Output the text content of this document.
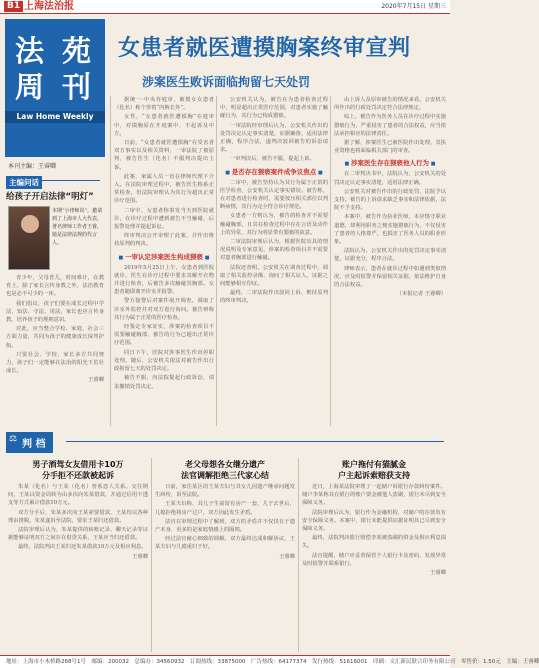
B1 上海法治报	2020年7月15日 星期三
法 苑
周 刊
Law Home Weekly
本刊主编：王睿卿
女患者就医遭摸胸案终审宣判
涉案医生败诉面临拘留七天处罚
主编问话
给孩子开启法律“明灯”
本期“小律师说”，邀请到了上海市人大代表，著名律师工作者王睿，她是法律法规的代言人。

青少年，父母育儿，时间难计，在教育上，除了家长言传身教之外，法治教育也是必不可少的一环。

我们倡议，孩子们要在成长过程中学法、知法、守法、用法，家长也应言传身教，培养孩子的规则意识。

对此，应当整合学校、家庭、社会三方面力量，共同为孩子的健康成长保驾护航。

只要社会、学校、家长多方共同努力，孩子们一定能够在法治的阳光下茁壮成长。

王睿卿

据统一·中央谷庭审，被摸女女患者（化名）称个穿着“内裤长外”。

女性，“女患者就医遭摸胸”在庭审中，对摸胸原在开庭案中，不起诉及中方。

日前，“女患者就医遭摸胸”在受害者双方事实以及相关资料，一审法院了被原判，被告医生（化名）不服判决提出上诉。

此案，家属人员一直在律师代理下介入。在法院审理过程中，被告医生称系正常检查，但法院审理认为其行为超出正常诊疗范围。

二审中，女患者称事发当天到医院就诊，在诊疗过程中遭到被告不当触碰，后报警处理并提起诉讼。

终审判决公开审理了此案，并作出维持原判的判决。

■ 一审认定涉案医生构成猥亵 ■

2019年5月25日上午，女患者到医院就诊，医生在诊疗过程中要求其解开衣物并进行检查，后被告多次触碰其胸部。女患者随即离开诊室并报警。

警方接警后对案件展开调查，调取了诊室外监控并对双方进行询问。被告辩称其行为属于正常的医疗检查。

经鉴定专家证实，涉案的检查项目不需要触碰胸部，被告的行为已超出正常诊疗范围。

同日下午，医院对涉事医生作出停职处理。随后，公安机关依法对被告作出行政拘留七天的处罚决定。

被告不服，向法院提起行政诉讼，请求撤销处罚决定。

公安机关认为，被告在为患者检查过程中，明显超出正常医疗范围，对患者实施了触碰行为，其行为已构成猥亵。

一审法院经审理后认为，公安机关作出的处罚决定认定事实清楚，证据确凿，适用法律正确，程序合法，遂判决驳回被告的诉讼请求。

一审判决后，被告不服，提起上诉。

■ 是否存在猥亵案件成争议焦点 ■

二审中，被告坚持认为其行为属于正常的医学检查，公安机关认定事实错误。被告称，在对患者进行检查时，需要按压相关部位以判断病情，其行为完全符合诊疗规范。

女患者一方则认为，被告的检查并不需要触碰胸部，且其在检查过程中存在言语及动作上的异常，其行为明显带有猥亵的故意。

二审法院审理后认为，根据医院出具的情况说明及专家意见，涉案的检查项目并不需要对患者胸部进行触碰。

法院还查明，公安机关在调查过程中，调取了相关监控录像，询问了相关证人，证据之间能够相互印证。

最终，二审法院作出驳回上诉、维持原判的终审判决。

由上诉人及原审被告的情况来看，公安机关所作出的行政处罚决定符合法律规定。

综上，被告作为医务人员在诊疗过程中实施猥亵行为，严重侵害了患者的合法权益，应当依法承担相应的法律责任。

据了解，涉案医生已被医院作出处理，其执业资格也将面临相关部门的审查。

■ 涉案医生存在猥亵他人行为 ■

在二审判决书中，法院认为，公安机关的处罚决定认定事实清楚，适用法律正确。

公安机关对被告作出的行政处罚，法院予以支持。被告的上诉请求缺乏事实和法律依据，法院不予支持。

本案中，被告作为执业医师，本应恪守职业道德，却利用职务之便实施猥亵行为，不仅侵害了患者的人格尊严，也损害了医务人员的职业形象。

法院认为，公安机关作出的处罚决定事实清楚，证据充分，程序合法。

律师表示，患者在就诊过程中如遇到类似情况，应及时报警并保留相关证据，依法维护自身的合法权益。

（本报记者 王睿卿）

⚖ 判 档
男子酒驾女友借用卡10万
分手拒不还款被起诉

朱某（化名）与王某（化名）曾系恋人关系。交往期间，王某以资金周转为由多次向朱某借款，并通过信用卡透支等方式累计借款10万元。

双方分手后，朱某多次向王某索要借款，王某均以各种理由推脱。朱某遂诉至法院，要求王某归还借款。

法院审理后认为，朱某提供的转账记录、聊天记录等证据能够证明双方之间存在借贷关系，王某应当归还借款。

最终，法院判决王某归还朱某借款10万元及相应利息。

王睿卿

老父母想各女继分遗产
法官调解拒绝三代家心结

日前，家住某区的王某夫妇与其女儿因遗产继承问题发生纠纷，诉至法院。

王某夫妇称，其儿子生前留有房产一套，儿子去世后，儿媳拒绝将房产过户，双方因此发生矛盾。

法官在审理过程中了解到，双方的矛盾并不仅仅在于遗产本身，更多的是家庭情感上的隔阂。

经过法官耐心细致的调解，双方最终达成和解协议，王某夫妇与儿媳重归于好。

王睿卿

账户拖付有猫腻金
户主起诉索赔获支持

近日，上海某法院审理了一起储户诉银行存款纠纷案件。储户李某称其在银行的账户资金被他人盗刷，银行未尽到安全保障义务。

法院审理后认为，银行作为金融机构，对储户的存款负有安全保障义务。本案中，银行未能提供证据证明其已尽到安全保障义务。

最终，法院判决银行赔偿李某被盗刷的资金及相应利息损失。

法官提醒，储户应妥善保管个人银行卡及密码，发现异常及时报警并联系银行。

王睿卿

地址：上海市小木桥路268号1号　邮编：200032　总编办：34560932　订阅热线：33875000　广告热线：64177374　发行热线：51616001　印刷：文汇新民联合印务有限公司　零售价：1.50元　主编：王睿卿
